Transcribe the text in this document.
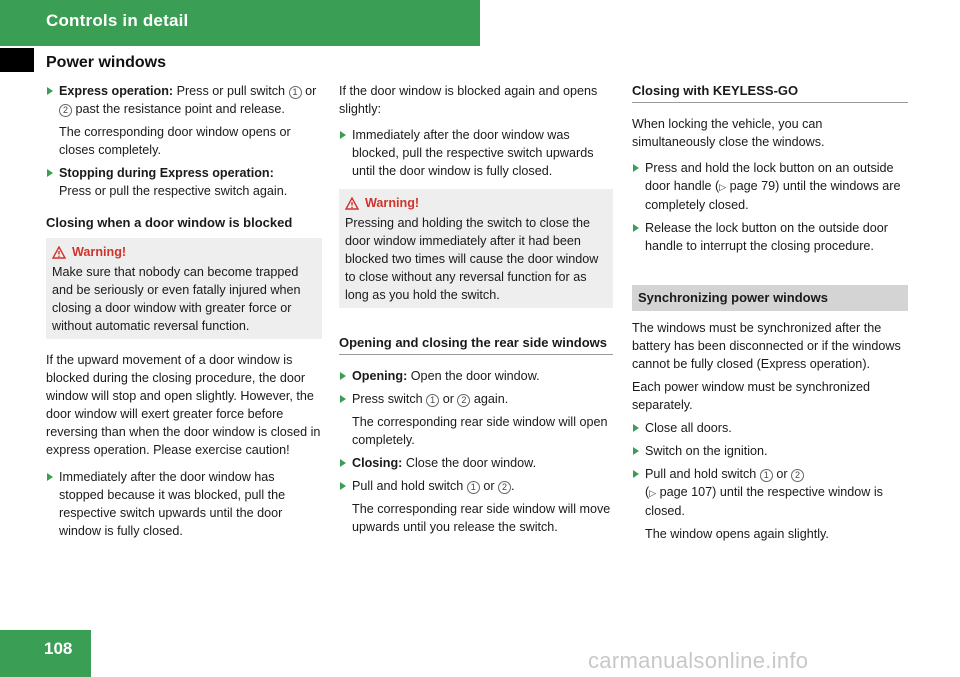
Controls in detail
Power windows
Express operation: Press or pull switch 1 or 2 past the resistance point and release.
The corresponding door window opens or closes completely.
Stopping during Express operation:
Press or pull the respective switch again.
Closing when a door window is blocked
Warning!
Make sure that nobody can become trapped and be seriously or even fatally injured when closing a door window with greater force or without automatic reversal function.
If the upward movement of a door window is blocked during the closing procedure, the door window will stop and open slightly. However, the door window will exert greater force before reversing than when the door window is closed in express operation. Please exercise caution!
Immediately after the door window has stopped because it was blocked, pull the respective switch upwards until the door window is fully closed.
If the door window is blocked again and opens slightly:
Immediately after the door window was blocked, pull the respective switch upwards until the door window is fully closed.
Warning!
Pressing and holding the switch to close the door window immediately after it had been blocked two times will cause the door window to close without any reversal function for as long as you hold the switch.
Opening and closing the rear side windows
Opening: Open the door window.
Press switch 1 or 2 again.
The corresponding rear side window will open completely.
Closing: Close the door window.
Pull and hold switch 1 or 2 .
The corresponding rear side window will move upwards until you release the switch.
Closing with KEYLESS-GO
When locking the vehicle, you can simultaneously close the windows.
Press and hold the lock button on an outside door handle (▷ page 79) until the windows are completely closed.
Release the lock button on the outside door handle to interrupt the closing procedure.
Synchronizing power windows
The windows must be synchronized after the battery has been disconnected or if the windows cannot be fully closed (Express operation).
Each power window must be synchronized separately.
Close all doors.
Switch on the ignition.
Pull and hold switch 1 or 2
(▷ page 107) until the respective window is closed.
The window opens again slightly.
108	carmanualsonline.info
